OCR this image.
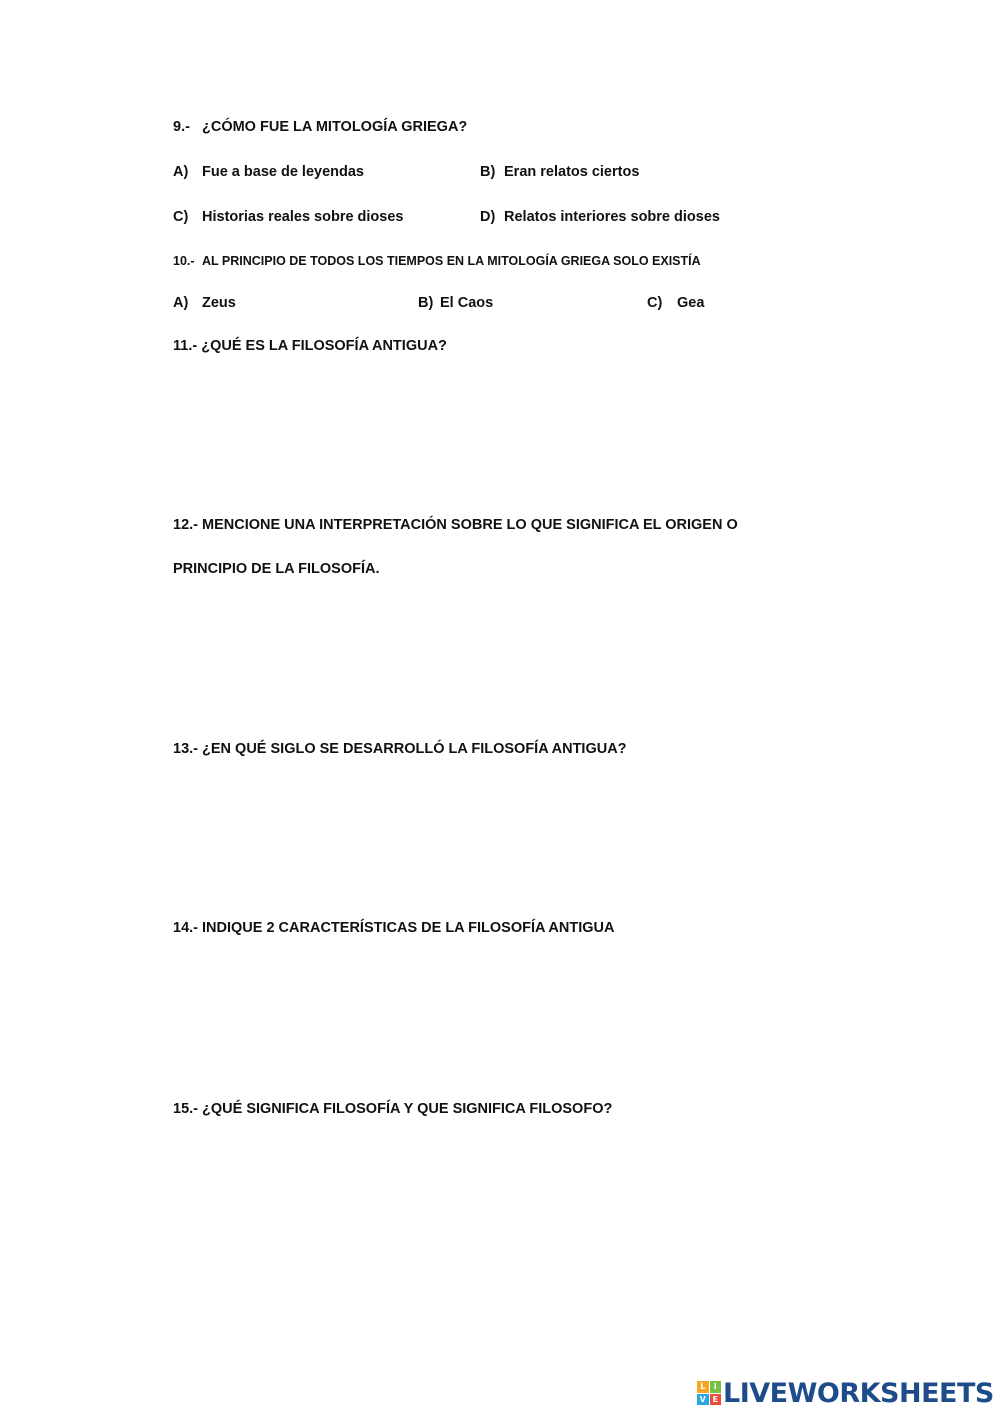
9.- ¿CÓMO FUE LA MITOLOGÍA GRIEGA?
A) Fue a base de leyendas	B) Eran relatos ciertos
C) Historias reales sobre dioses	D) Relatos interiores sobre dioses
10.- AL PRINCIPIO DE TODOS LOS TIEMPOS EN LA MITOLOGÍA GRIEGA SOLO EXISTÍA
A) Zeus	B) El Caos	C) Gea
11.- ¿QUÉ ES LA FILOSOFÍA ANTIGUA?
12.- MENCIONE UNA INTERPRETACIÓN SOBRE LO QUE SIGNIFICA EL ORIGEN O
PRINCIPIO DE LA FILOSOFÍA.
13.- ¿EN QUÉ SIGLO SE DESARROLLÓ LA FILOSOFÍA ANTIGUA?
14.- INDIQUE 2 CARACTERÍSTICAS DE LA FILOSOFÍA ANTIGUA
15.- ¿QUÉ SIGNIFICA FILOSOFÍA Y QUE SIGNIFICA FILOSOFO?
L	I
V E LIVEWORKSHEETS
